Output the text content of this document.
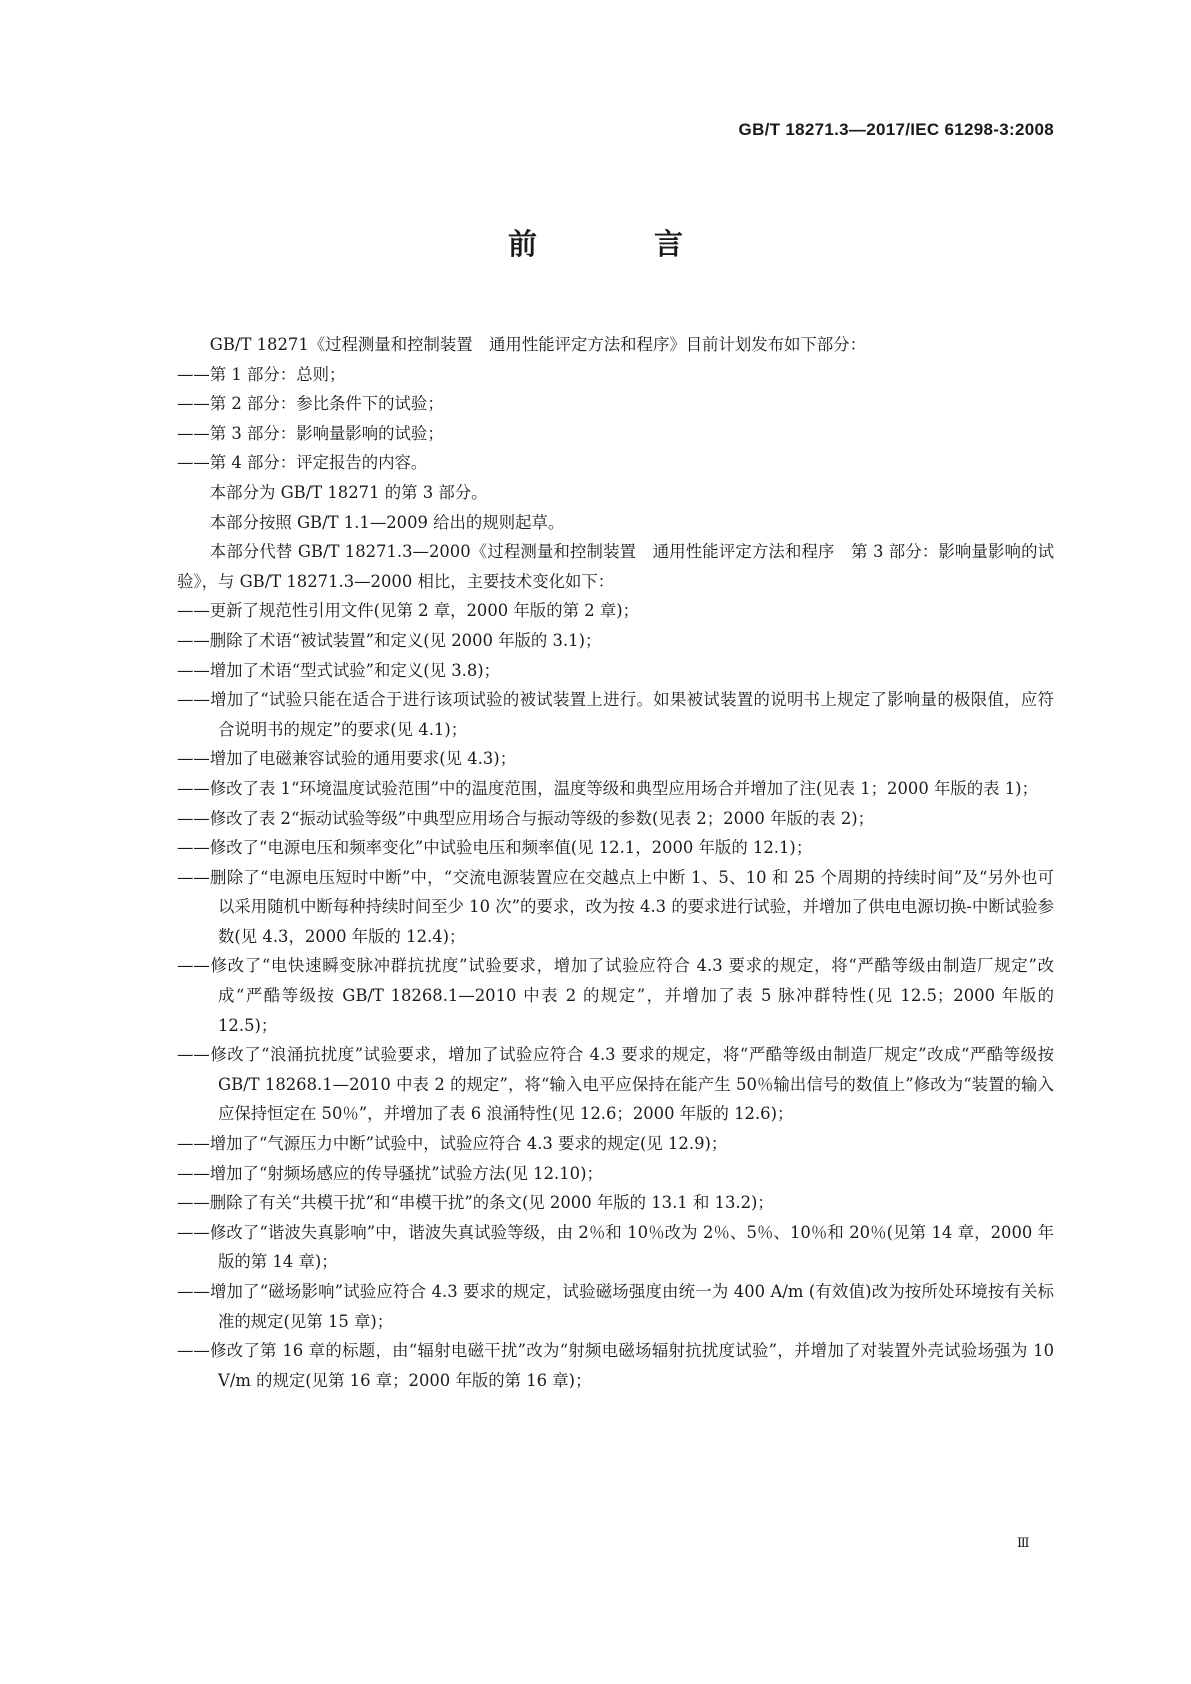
GB/T 18271.3—2017/IEC 61298-3:2008
前　言

GB/T 18271《过程测量和控制装置　通用性能评定方法和程序》目前计划发布如下部分：

——第 1 部分：总则；

——第 2 部分：参比条件下的试验；

——第 3 部分：影响量影响的试验；

——第 4 部分：评定报告的内容。

本部分为 GB/T 18271 的第 3 部分。

本部分按照 GB/T 1.1—2009 给出的规则起草。

本部分代替 GB/T 18271.3—2000《过程测量和控制装置　通用性能评定方法和程序　第 3 部分：影响量影响的试验》，与 GB/T 18271.3—2000 相比，主要技术变化如下：

——更新了规范性引用文件(见第 2 章，2000 年版的第 2 章)；

——删除了术语“被试装置”和定义(见 2000 年版的 3.1)；

——增加了术语“型式试验”和定义(见 3.8)；

——增加了“试验只能在适合于进行该项试验的被试装置上进行。如果被试装置的说明书上规定了影响量的极限值，应符合说明书的规定”的要求(见 4.1)；

——增加了电磁兼容试验的通用要求(见 4.3)；

——修改了表 1“环境温度试验范围”中的温度范围，温度等级和典型应用场合并增加了注(见表 1；2000 年版的表 1)；

——修改了表 2“振动试验等级”中典型应用场合与振动等级的参数(见表 2；2000 年版的表 2)；

——修改了“电源电压和频率变化”中试验电压和频率值(见 12.1，2000 年版的 12.1)；

——删除了“电源电压短时中断”中，“交流电源装置应在交越点上中断 1、5、10 和 25 个周期的持续时间”及“另外也可以采用随机中断每种持续时间至少 10 次”的要求，改为按 4.3 的要求进行试验，并增加了供电电源切换-中断试验参数(见 4.3，2000 年版的 12.4)；

——修改了“电快速瞬变脉冲群抗扰度”试验要求，增加了试验应符合 4.3 要求的规定，将“严酷等级由制造厂规定”改成“严酷等级按 GB/T 18268.1—2010 中表 2 的规定”，并增加了表 5 脉冲群特性(见 12.5；2000 年版的 12.5)；

——修改了“浪涌抗扰度”试验要求，增加了试验应符合 4.3 要求的规定，将“严酷等级由制造厂规定”改成“严酷等级按 GB/T 18268.1—2010 中表 2 的规定”，将“输入电平应保持在能产生 50％输出信号的数值上”修改为“装置的输入应保持恒定在 50％”，并增加了表 6 浪涌特性(见 12.6；2000 年版的 12.6)；

——增加了“气源压力中断”试验中，试验应符合 4.3 要求的规定(见 12.9)；

——增加了“射频场感应的传导骚扰”试验方法(见 12.10)；

——删除了有关“共模干扰”和“串模干扰”的条文(见 2000 年版的 13.1 和 13.2)；

——修改了“谐波失真影响”中，谐波失真试验等级，由 2％和 10％改为 2％、5％、10％和 20％(见第 14 章，2000 年版的第 14 章)；

——增加了“磁场影响”试验应符合 4.3 要求的规定，试验磁场强度由统一为 400 A/m (有效值)改为按所处环境按有关标准的规定(见第 15 章)；

——修改了第 16 章的标题，由“辐射电磁干扰”改为“射频电磁场辐射抗扰度试验”，并增加了对装置外壳试验场强为 10 V/m 的规定(见第 16 章；2000 年版的第 16 章)；

Ⅲ
